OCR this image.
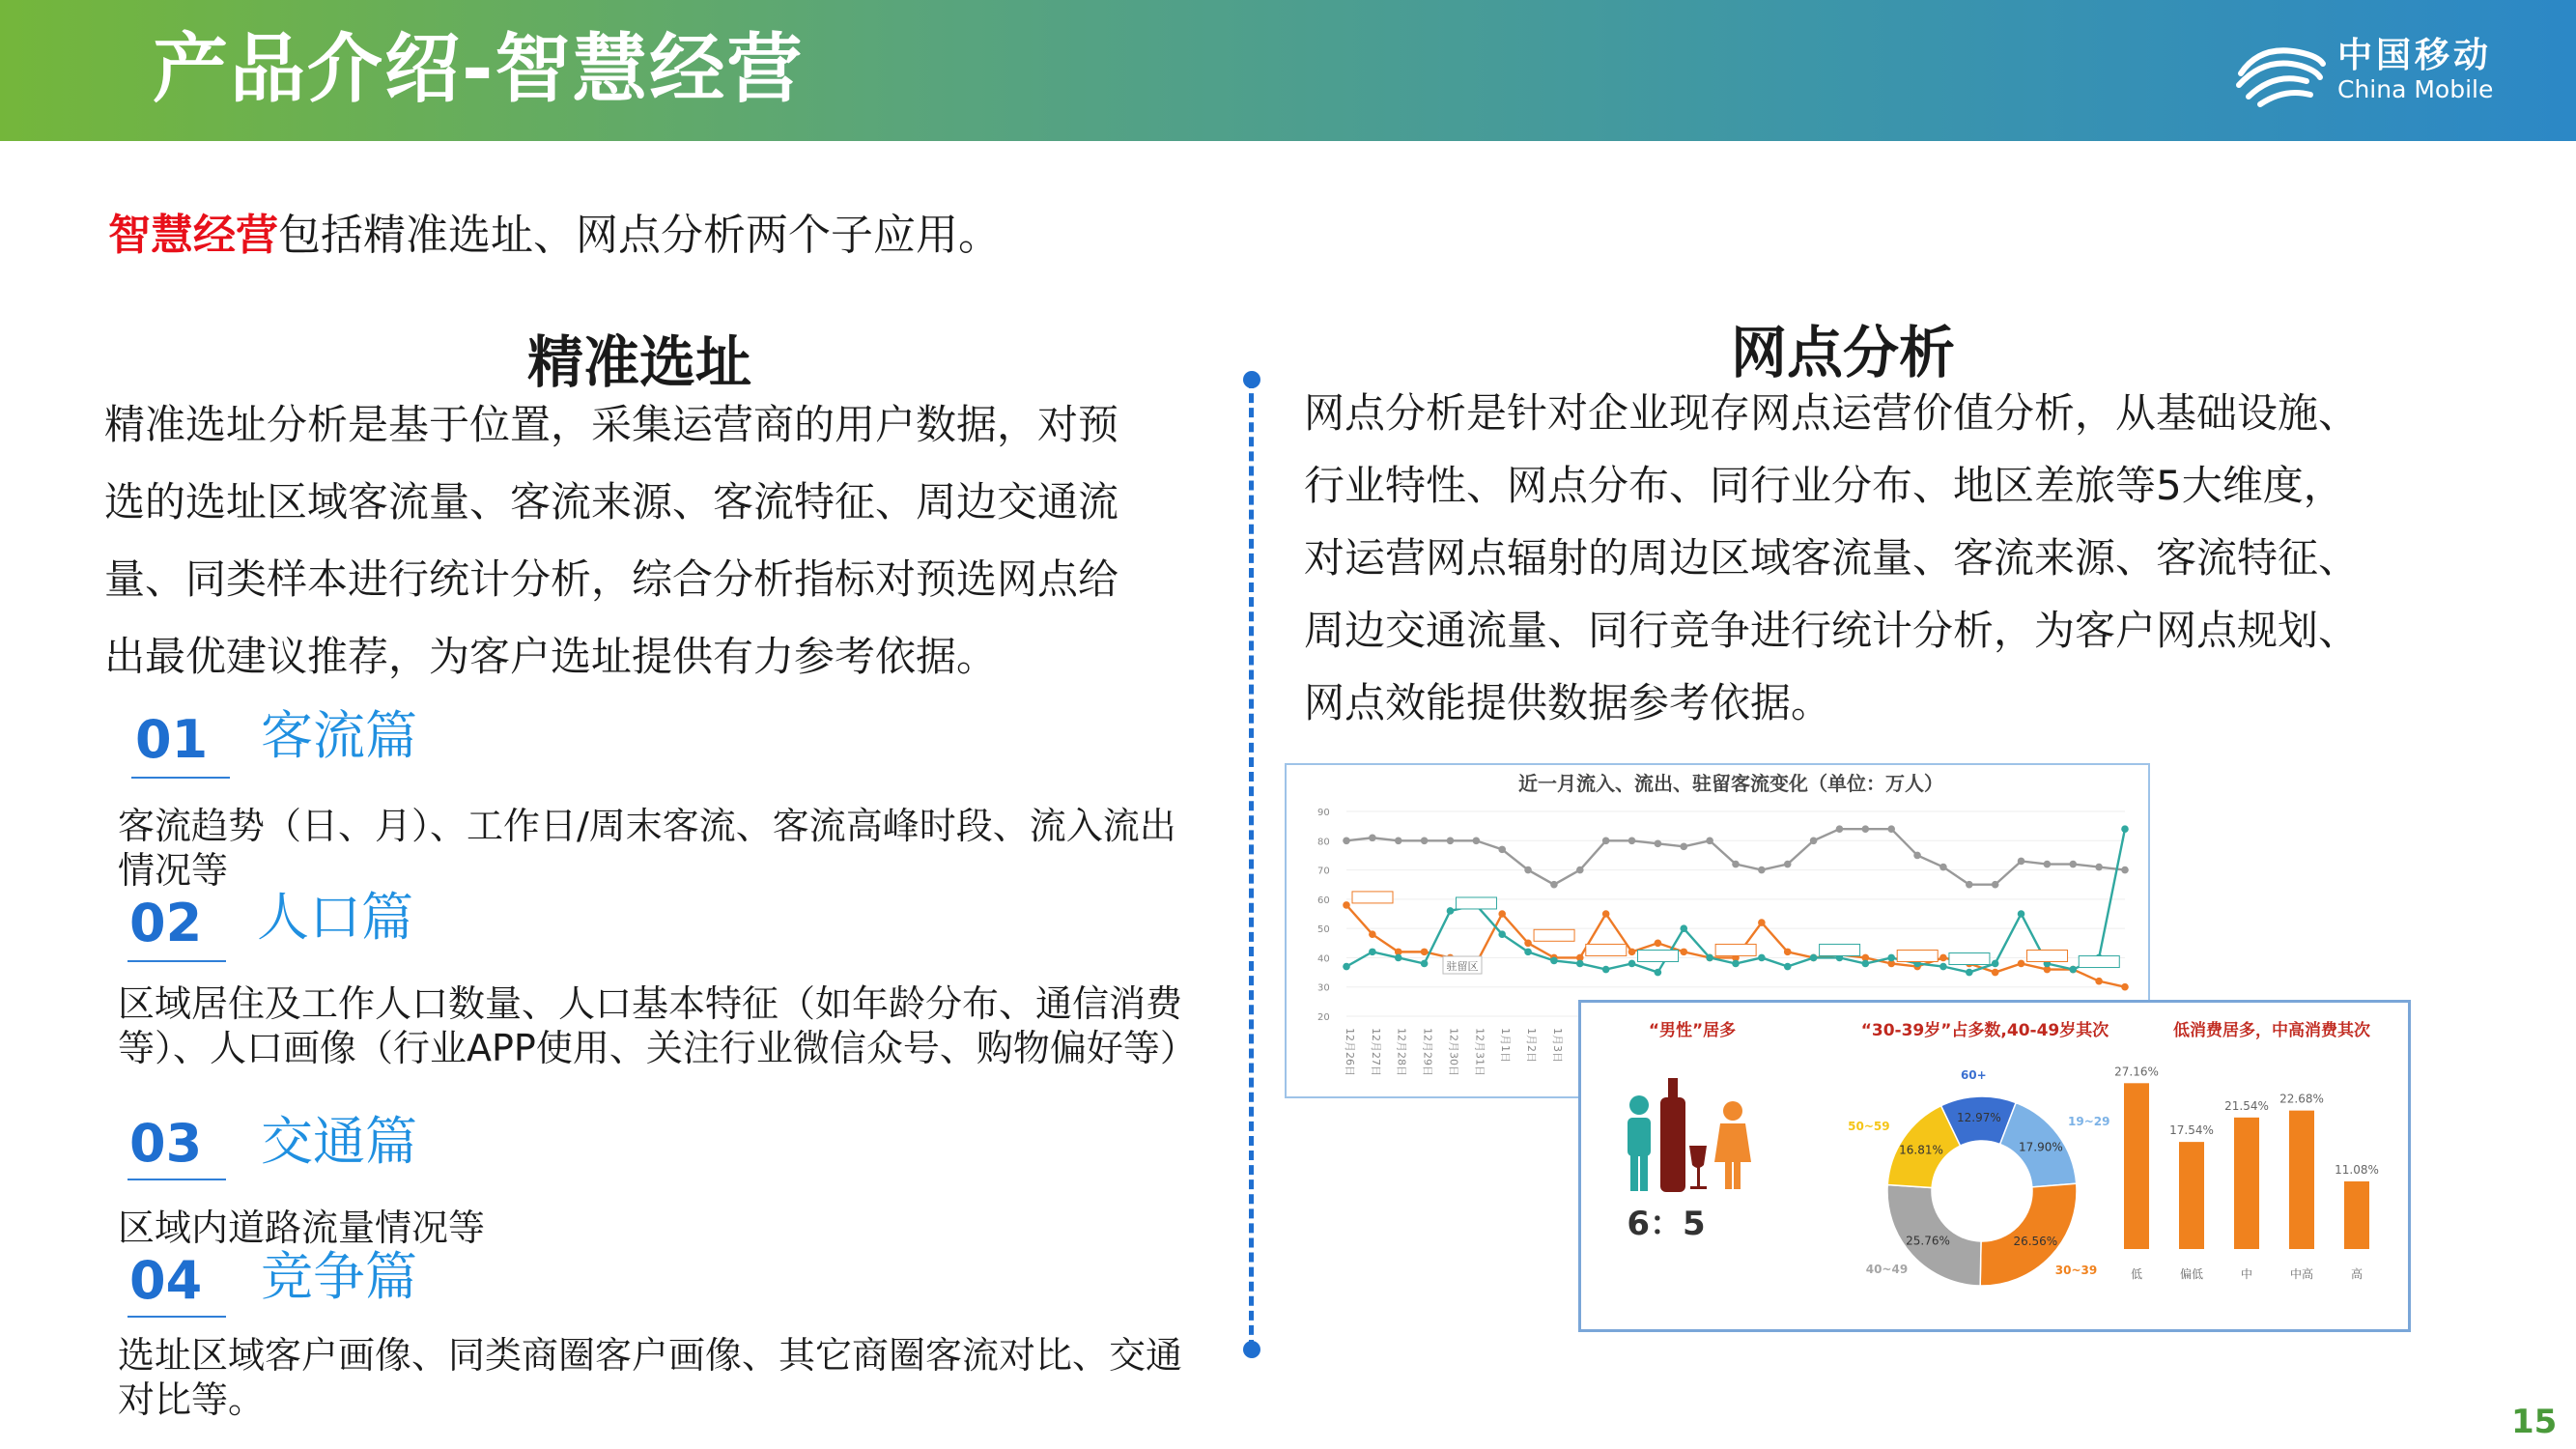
产品介绍-智慧经营	中国移动
China Mobile
智慧经营包括精准选址、网点分析两个子应用。
精准选址
精准选址分析是基于位置，采集运营商的用户数据，对预
选的选址区域客流量、客流来源、客流特征、周边交通流
量、同类样本进行统计分析，综合分析指标对预选网点给
出最优建议推荐，为客户选址提供有力参考依据。
01 客流篇
客流趋势（日、月）、工作日/周末客流、客流高峰时段、流入流出情况等
02 人口篇
区域居住及工作人口数量、人口基本特征（如年龄分布、通信消费等）、人口画像（行业APP使用、关注行业微信众号、购物偏好等）
03 交通篇
区域内道路流量情况等
04 竞争篇
选址区域客户画像、同类商圈客户画像、其它商圈客流对比、交通对比等。
网点分析
网点分析是针对企业现存网点运营价值分析，从基础设施、
行业特性、网点分布、同行业分布、地区差旅等5大维度，
对运营网点辐射的周边区域客流量、客流来源、客流特征、
周边交通流量、同行竞争进行统计分析，为客户网点规划、
网点效能提供数据参考依据。
近一月流入、流出、驻留客流变化（单位：万人）
90
80
70
60
50
40
30
20
12月26日 12月27日 12月28日 12月29日 12月30日 12月31日 1月1日 1月2日 1月3日
驻留区
“男性”居多
6：5
“30-39岁”占多数,40-49岁其次
12.97%
60+
17.90%
19~29
26.56%
30~39
25.76%
40~49
16.81%
50~59
低消费居多，中高消费其次
27.16%
低
17.54%
偏低
21.54%
中
22.68%
中高
11.08%
高
15
